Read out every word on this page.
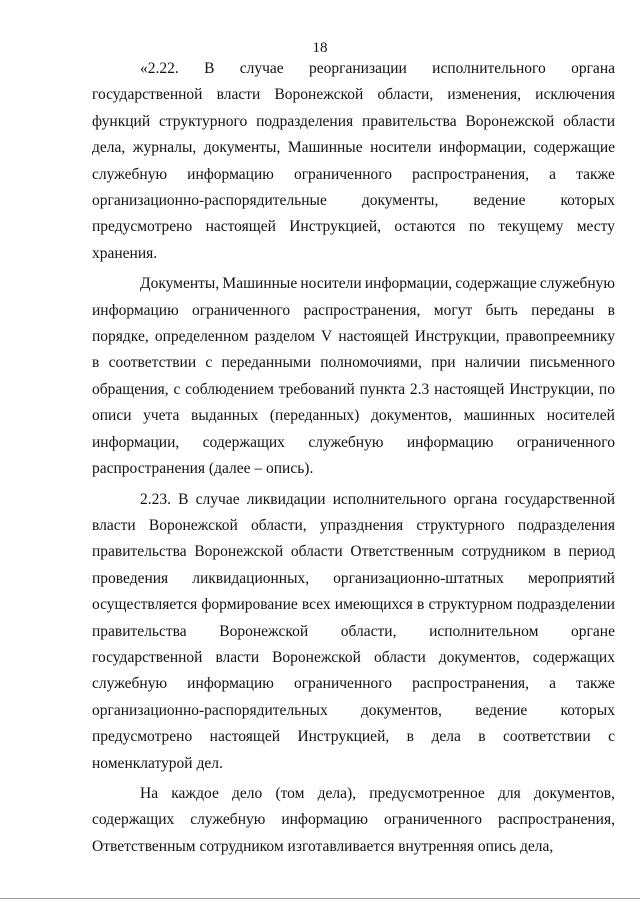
18
«2.22. В случае реорганизации исполнительного органа
государственной власти Воронежской области, изменения, исключения
функций структурного подразделения правительства Воронежской области
дела, журналы, документы, Машинные носители информации, содержащие
служебную информацию ограниченного распространения, а также
организационно-распорядительные документы, ведение которых
предусмотрено настоящей Инструкцией, остаются по текущему месту
хранения.
Документы, Машинные носители информации, содержащие служебную
информацию ограниченного распространения, могут быть переданы в
порядке, определенном разделом V настоящей Инструкции, правопреемнику
в соответствии с переданными полномочиями, при наличии письменного
обращения, с соблюдением требований пункта 2.3 настоящей Инструкции, по
описи учета выданных (переданных) документов, машинных носителей
информации, содержащих служебную информацию ограниченного
распространения (далее – опись).
2.23. В случае ликвидации исполнительного органа государственной
власти Воронежской области, упразднения структурного подразделения
правительства Воронежской области Ответственным сотрудником в период
проведения ликвидационных, организационно-штатных мероприятий
осуществляется формирование всех имеющихся в структурном подразделении
правительства Воронежской области, исполнительном органе
государственной власти Воронежской области документов, содержащих
служебную информацию ограниченного распространения, а также
организационно-распорядительных документов, ведение которых
предусмотрено настоящей Инструкцией, в дела в соответствии с
номенклатурой дел.
На каждое дело (том дела), предусмотренное для документов,
содержащих служебную информацию ограниченного распространения,
Ответственным сотрудником изготавливается внутренняя опись дела,
